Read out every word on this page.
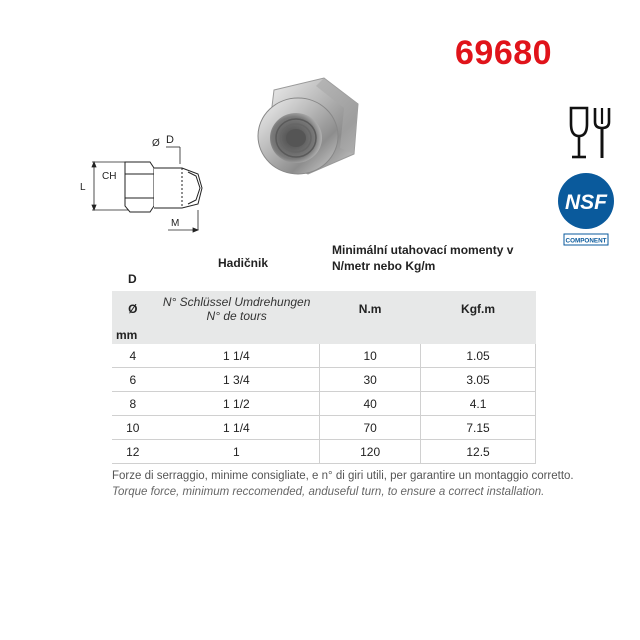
69680
Ø D
CH
L
M
NSF
COMPONENT
D
Hadičnik
Minimální utahovací momenty v N/metr nebo Kg/m
Ø	N° Schlüssel Umdrehungen
N° de tours	N.m	Kgf.m
mm			
4	1 1/4	10	1.05
6	1 3/4	30	3.05
8	1 1/2	40	4.1
10	1 1/4	70	7.15
12	1	120	12.5
Forze di serraggio, minime consigliate, e n° di giri utili, per garantire un montaggio corretto.
Torque force, minimum reccomended, anduseful turn, to ensure a correct installation.
